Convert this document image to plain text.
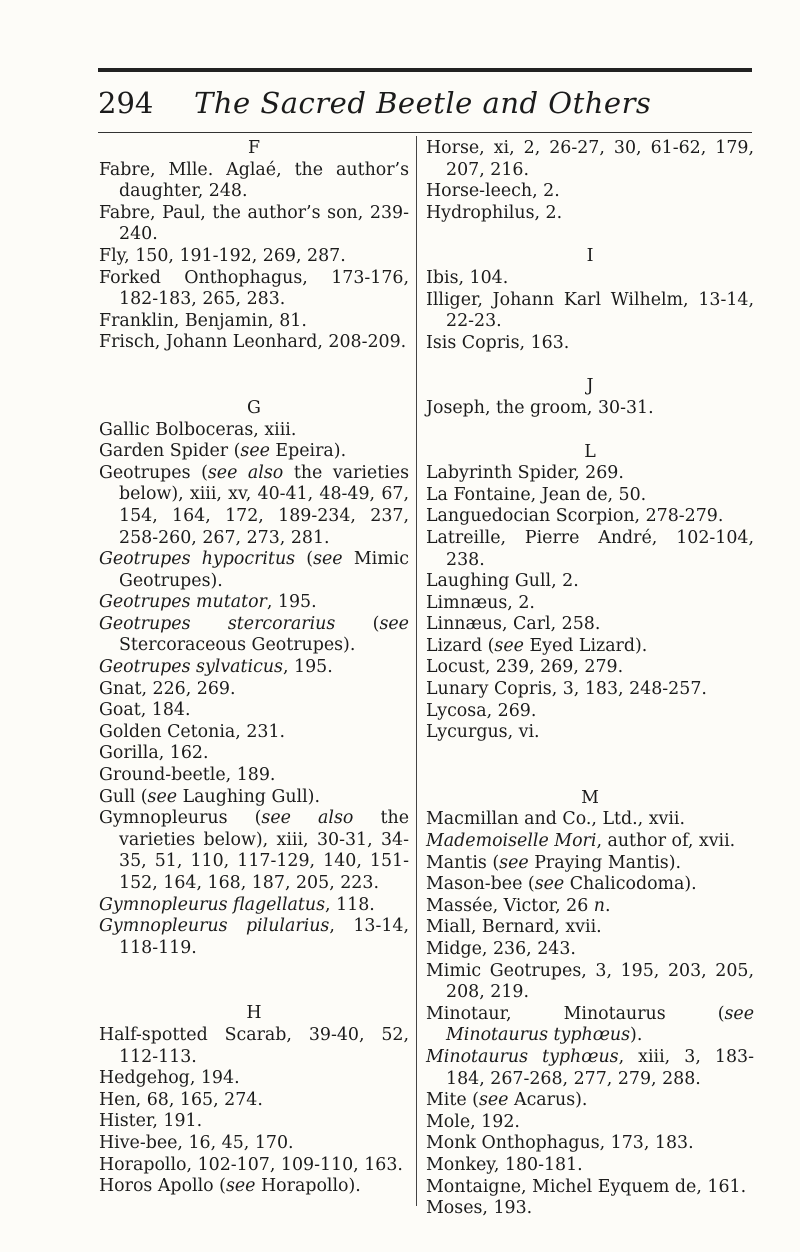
294 The Sacred Beetle and Others

F

Fabre, Mlle. Aglaé, the author’s daughter, 248.

Fabre, Paul, the author’s son, 239-240.

Fly, 150, 191-192, 269, 287.

Forked Onthophagus, 173-176, 182-183, 265, 283.

Franklin, Benjamin, 81.

Frisch, Johann Leonhard, 208-209.

G

Gallic Bolboceras, xiii.

Garden Spider (see Epeira).

Geotrupes (see also the varieties below), xiii, xv, 40-41, 48-49, 67, 154, 164, 172, 189-234, 237, 258-260, 267, 273, 281.

Geotrupes hypocritus (see Mimic Geotrupes).

Geotrupes mutator, 195.

Geotrupes stercorarius (see Stercoraceous Geotrupes).

Geotrupes sylvaticus, 195.

Gnat, 226, 269.

Goat, 184.

Golden Cetonia, 231.

Gorilla, 162.

Ground-beetle, 189.

Gull (see Laughing Gull).

Gymnopleurus (see also the varieties below), xiii, 30-31, 34-35, 51, 110, 117-129, 140, 151-152, 164, 168, 187, 205, 223.

Gymnopleurus flagellatus, 118.

Gymnopleurus pilularius, 13-14, 118-119.

H

Half-spotted Scarab, 39-40, 52, 112-113.

Hedgehog, 194.

Hen, 68, 165, 274.

Hister, 191.

Hive-bee, 16, 45, 170.

Horapollo, 102-107, 109-110, 163.

Horos Apollo (see Horapollo).

Horse, xi, 2, 26-27, 30, 61-62, 179, 207, 216.

Horse-leech, 2.

Hydrophilus, 2.

I

Ibis, 104.

Illiger, Johann Karl Wilhelm, 13-14, 22-23.

Isis Copris, 163.

J

Joseph, the groom, 30-31.

L

Labyrinth Spider, 269.

La Fontaine, Jean de, 50.

Languedocian Scorpion, 278-279.

Latreille, Pierre André, 102-104, 238.

Laughing Gull, 2.

Limnæus, 2.

Linnæus, Carl, 258.

Lizard (see Eyed Lizard).

Locust, 239, 269, 279.

Lunary Copris, 3, 183, 248-257.

Lycosa, 269.

Lycurgus, vi.

M

Macmillan and Co., Ltd., xvii.

Mademoiselle Mori, author of, xvii.

Mantis (see Praying Mantis).

Mason-bee (see Chalicodoma).

Massée, Victor, 26 n.

Miall, Bernard, xvii.

Midge, 236, 243.

Mimic Geotrupes, 3, 195, 203, 205, 208, 219.

Minotaur, Minotaurus (see Minotaurus typhœus).

Minotaurus typhœus, xiii, 3, 183-184, 267-268, 277, 279, 288.

Mite (see Acarus).

Mole, 192.

Monk Onthophagus, 173, 183.

Monkey, 180-181.

Montaigne, Michel Eyquem de, 161.

Moses, 193.
